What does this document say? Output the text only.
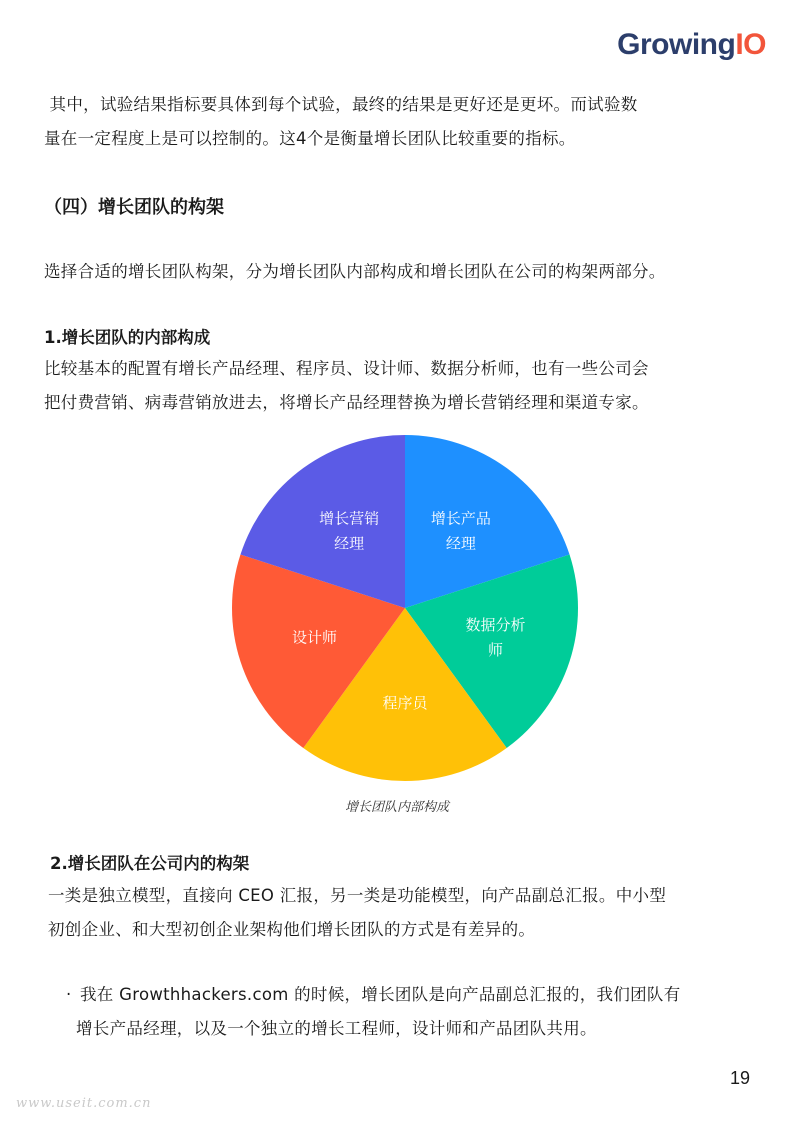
GrowingIO
其中，试验结果指标要具体到每个试验，最终的结果是更好还是更坏。而试验数
量在一定程度上是可以控制的。这4个是衡量增长团队比较重要的指标。
（四）增长团队的构架
选择合适的增长团队构架，分为增长团队内部构成和增长团队在公司的构架两部分。
1.增长团队的内部构成
比较基本的配置有增长产品经理、程序员、设计师、数据分析师，也有一些公司会
把付费营销、病毒营销放进去，将增长产品经理替换为增长营销经理和渠道专家。
增长产品经理
数据分析师
程序员
设计师
增长营销经理
增长团队内部构成
2.增长团队在公司内的构架
一类是独立模型，直接向 CEO 汇报，另一类是功能模型，向产品副总汇报。中小型
初创企业、和大型初创企业架构他们增长团队的方式是有差异的。
· 我在 Growthhackers.com 的时候，增长团队是向产品副总汇报的，我们团队有
增长产品经理，以及一个独立的增长工程师，设计师和产品团队共用。
19
www.useit.com.cn
